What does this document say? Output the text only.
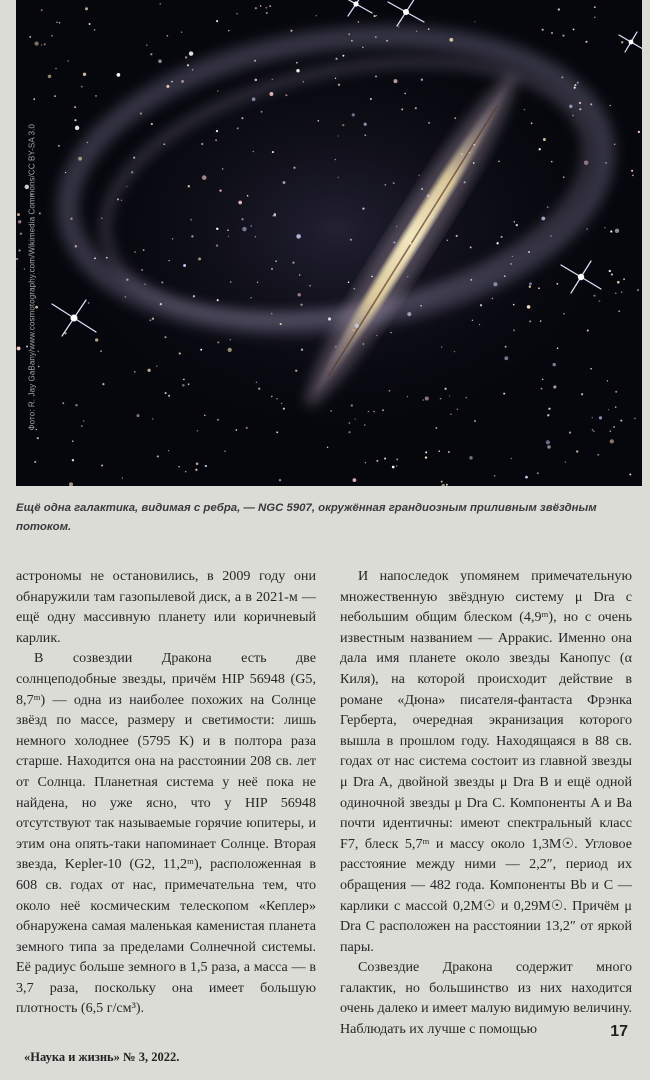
Фото: R. Jay GaBany/www.cosmotography.com/Wikimedia Commons/CC BY-SA 3.0
Ещё одна галактика, видимая с ребра, — NGC 5907, окружённая грандиозным приливным звёздным потоком.

астрономы не остановились, в 2009 году они обнаружили там газопылевой диск, а в 2021-м — ещё одну массивную планету или коричневый карлик.

В созвездии Дракона есть две солнцеподобные звезды, причём HIP 56948 (G5, 8,7ᵐ) — одна из наиболее похожих на Солнце звёзд по массе, размеру и светимости: лишь немного холоднее (5795 K) и в полтора раза старше. Находится она на расстоянии 208 св. лет от Солнца. Планетная система у неё пока не найдена, но уже ясно, что у HIP 56948 отсутствуют так называемые горячие юпитеры, и этим она опять-таки напоминает Солнце. Вторая звезда, Kepler-10 (G2, 11,2ᵐ), расположенная в 608 св. годах от нас, примечательна тем, что около неё космическим телескопом «Кеплер» обнаружена самая маленькая каменистая планета земного типа за пределами Солнечной системы. Её радиус больше земного в 1,5 раза, а масса — в 3,7 раза, поскольку она имеет большую плотность (6,5 г/см³).

И напоследок упомянем примечательную множественную звёздную систему μ Dra с небольшим общим блеском (4,9ᵐ), но с очень известным названием — Арракис. Именно она дала имя планете около звезды Канопус (α Киля), на которой происходит действие в романе «Дюна» писателя-фантаста Фрэнка Герберта, очередная экранизация которого вышла в прошлом году. Находящаяся в 88 св. годах от нас система состоит из главной звезды μ Dra A, двойной звезды μ Dra B и ещё одной одиночной звезды μ Dra C. Компоненты A и Ba почти идентичны: имеют спектральный класс F7, блеск 5,7ᵐ и массу около 1,3M☉. Угловое расстояние между ними — 2,2″, период их обращения — 482 года. Компоненты Bb и C — карлики с массой 0,2M☉ и 0,29M☉. Причём μ Dra C расположен на расстоянии 13,2″ от яркой пары.

Созвездие Дракона содержит много галактик, но большинство из них находится очень далеко и имеет малую видимую величину. Наблюдать их лучше с помощью	17
«Наука и жизнь» № 3, 2022.
